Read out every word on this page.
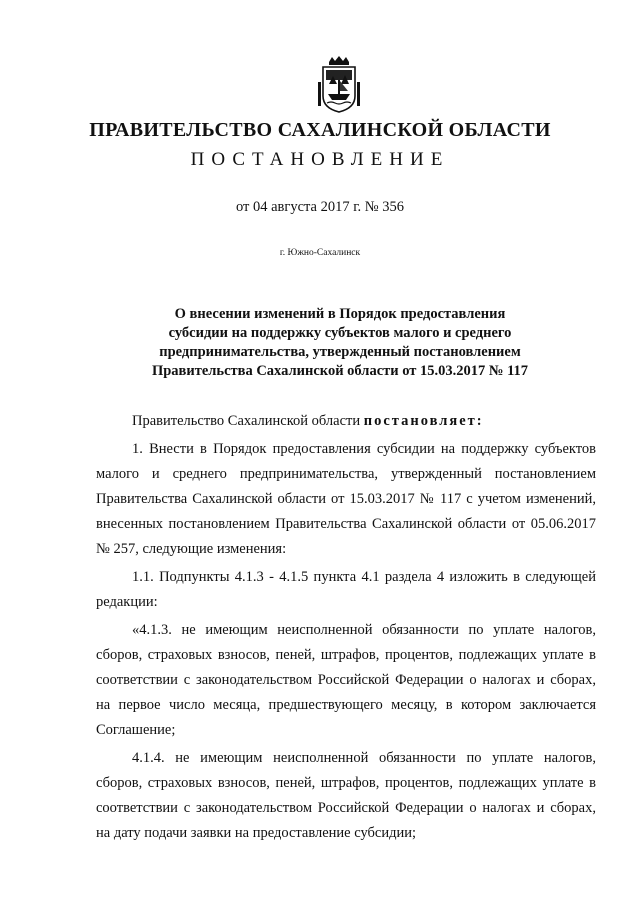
ПРАВИТЕЛЬСТВО САХАЛИНСКОЙ ОБЛАСТИ
ПОСТАНОВЛЕНИЕ
от 04 августа 2017 г. № 356
г. Южно-Сахалинск
О внесении изменений в Порядок предоставления
субсидии на поддержку субъектов малого и среднего
предпринимательства, утвержденный постановлением
Правительства Сахалинской области от 15.03.2017 № 117

Правительство Сахалинской области постановляет:

1. Внести в Порядок предоставления субсидии на поддержку субъектов малого и среднего предпринимательства, утвержденный постановлением Правительства Сахалинской области от 15.03.2017 № 117 с учетом изменений, внесенных постановлением Правительства Сахалинской области от 05.06.2017 № 257, следующие изменения:

1.1. Подпункты 4.1.3 - 4.1.5 пункта 4.1 раздела 4 изложить в следующей редакции:

«4.1.3. не имеющим неисполненной обязанности по уплате налогов, сборов, страховых взносов, пеней, штрафов, процентов, подлежащих уплате в соответствии с законодательством Российской Федерации о налогах и сборах, на первое число месяца, предшествующего месяцу, в котором заключается Соглашение;

4.1.4. не имеющим неисполненной обязанности по уплате налогов, сборов, страховых взносов, пеней, штрафов, процентов, подлежащих уплате в соответствии с законодательством Российской Федерации о налогах и сборах, на дату подачи заявки на предоставление субсидии;
